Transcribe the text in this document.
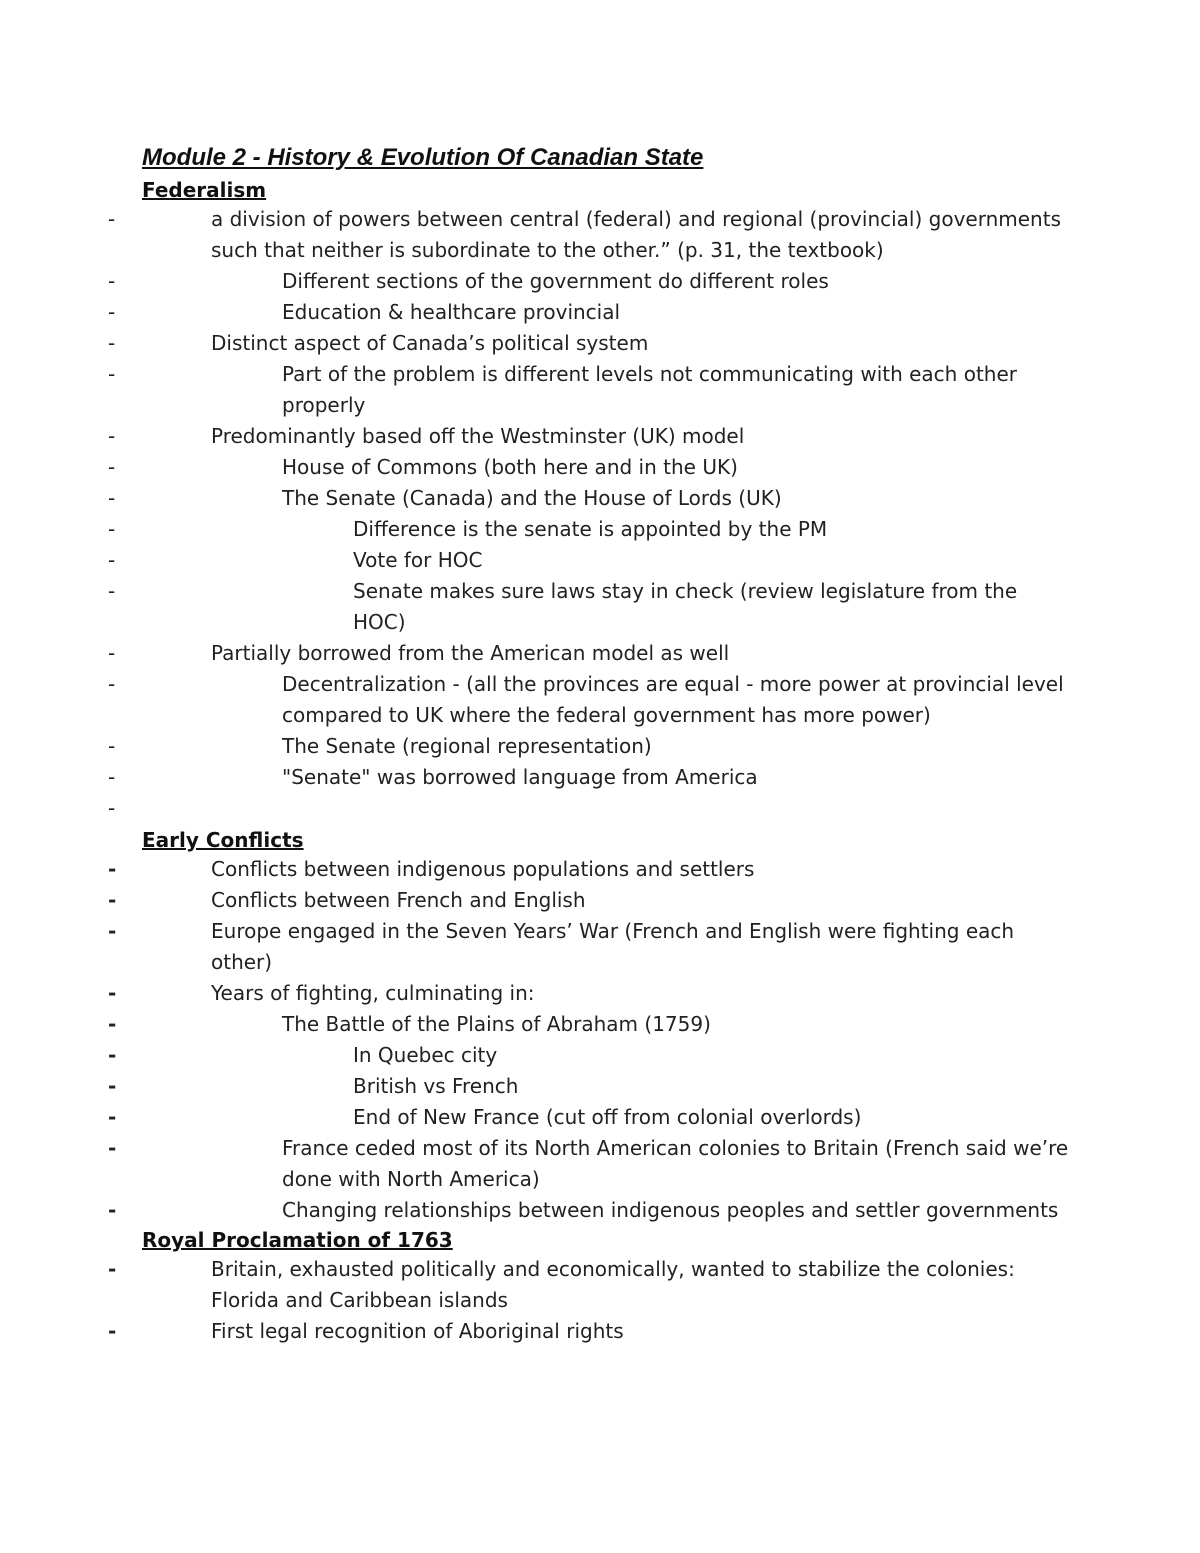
Module 2 - History & Evolution Of Canadian State
Federalism
- a division of powers between central (federal) and regional (provincial) governments such that neither is subordinate to the other.” (p. 31, the textbook)
- Different sections of the government do different roles
- Education & healthcare provincial
- Distinct aspect of Canada’s political system
- Part of the problem is different levels not communicating with each other properly
- Predominantly based off the Westminster (UK) model
- House of Commons (both here and in the UK)
- The Senate (Canada) and the House of Lords (UK)
- Difference is the senate is appointed by the PM
- Vote for HOC
- Senate makes sure laws stay in check (review legislature from the HOC)
- Partially borrowed from the American model as well
- Decentralization - (all the provinces are equal - more power at provincial level compared to UK where the federal government has more power)
- The Senate (regional representation)
- "Senate" was borrowed language from America
-
Early Conflicts
- Conflicts between indigenous populations and settlers
- Conflicts between French and English
- Europe engaged in the Seven Years’ War (French and English were fighting each other)
- Years of fighting, culminating in:
- The Battle of the Plains of Abraham (1759)
- In Quebec city
- British vs French
- End of New France (cut off from colonial overlords)
- France ceded most of its North American colonies to Britain (French said we’re done with North America)
- Changing relationships between indigenous peoples and settler governments
Royal Proclamation of 1763
- Britain, exhausted politically and economically, wanted to stabilize the colonies: Florida and Caribbean islands
- First legal recognition of Aboriginal rights
